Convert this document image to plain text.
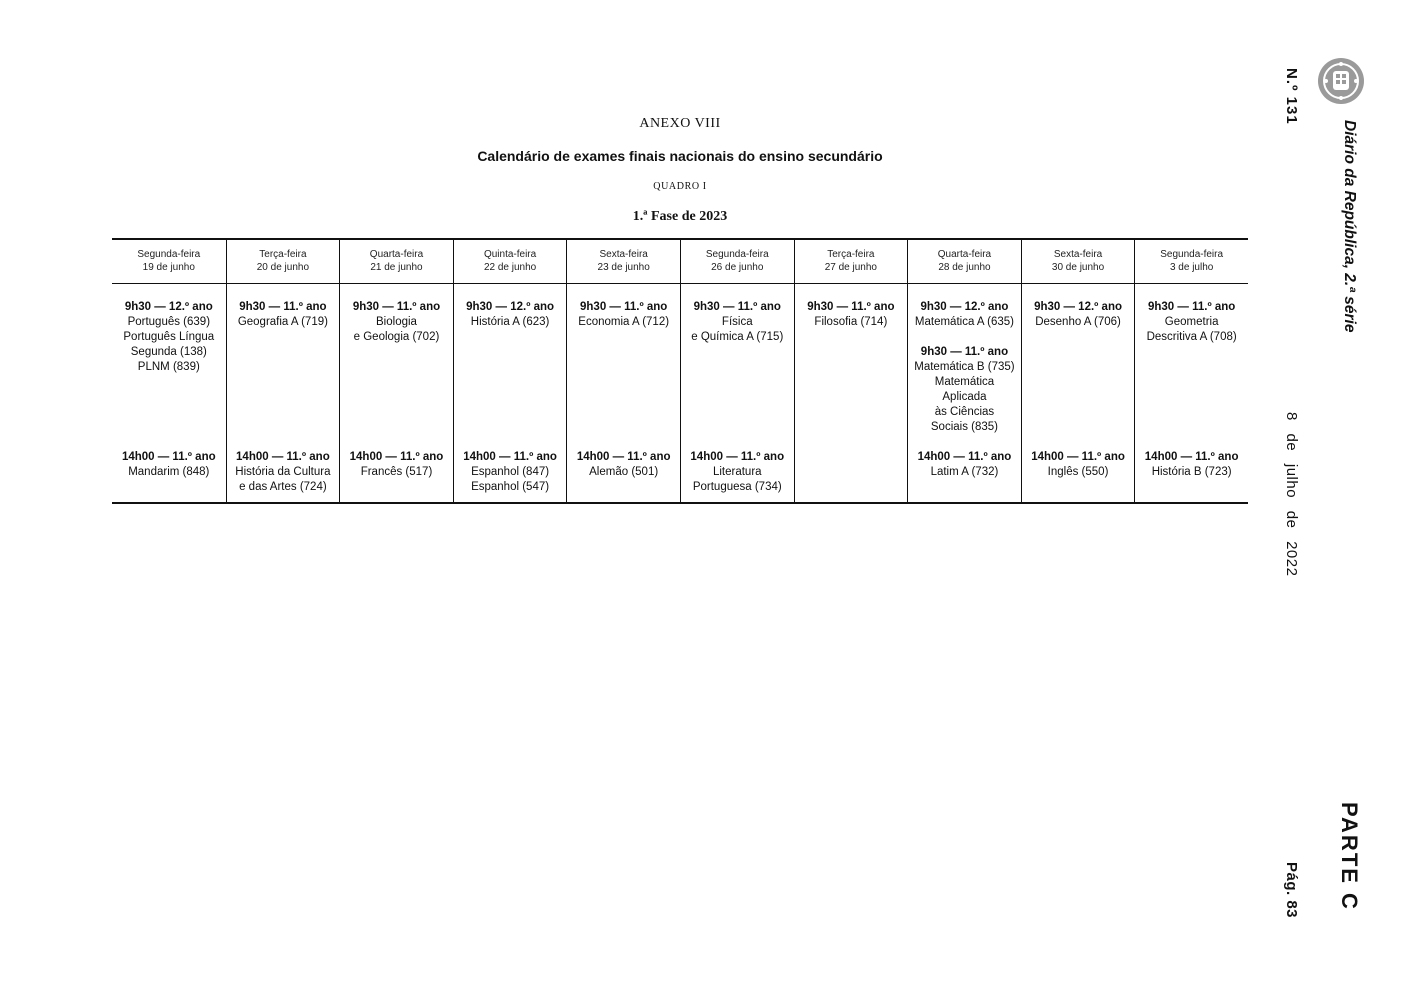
ANEXO VIII
Calendário de exames finais nacionais do ensino secundário
QUADRO I
1.ª Fase de 2023
Segunda-feira
19 de junho
9h30 — 12.º ano
Português (639)
Português Língua
Segunda (138)
PLNM (839)
14h00 — 11.º ano
Mandarim (848)
Terça-feira
20 de junho
9h30 — 11.º ano
Geografia A (719)
14h00 — 11.º ano
História da Cultura
e das Artes (724)
Quarta-feira
21 de junho
9h30 — 11.º ano
Biologia
e Geologia (702)
14h00 — 11.º ano
Francês (517)
Quinta-feira
22 de junho
9h30 — 12.º ano
História A (623)
14h00 — 11.º ano
Espanhol (847)
Espanhol (547)
Sexta-feira
23 de junho
9h30 — 11.º ano
Economia A (712)
14h00 — 11.º ano
Alemão (501)
Segunda-feira
26 de junho
9h30 — 11.º ano
Física
e Química A (715)
14h00 — 11.º ano
Literatura
Portuguesa (734)
Terça-feira
27 de junho
9h30 — 11.º ano
Filosofia (714)
Quarta-feira
28 de junho
9h30 — 12.º ano
Matemática A (635)
9h30 — 11.º ano
Matemática B (735)
Matemática
Aplicada
às Ciências
Sociais (835)
14h00 — 11.º ano
Latim A (732)
Sexta-feira
30 de junho
9h30 — 12.º ano
Desenho A (706)
14h00 — 11.º ano
Inglês (550)
Segunda-feira
3 de julho
9h30 — 11.º ano
Geometria
Descritiva A (708)
14h00 — 11.º ano
História B (723)
N.º 131
Diário da República, 2.ª série
8 de julho de 2022
PARTE C
Pág. 83
